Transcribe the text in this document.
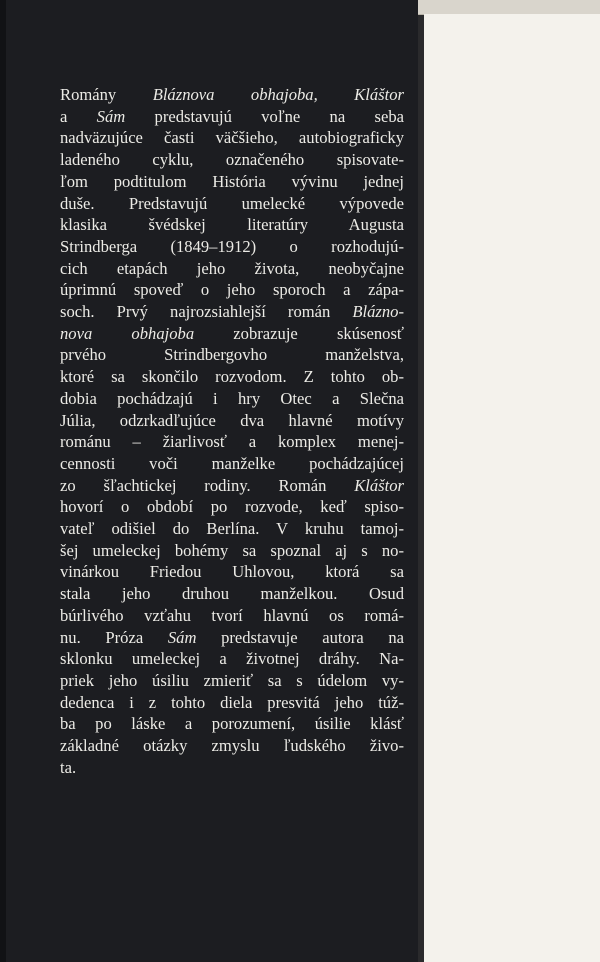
Romány Bláznova obhajoba, Kláštor
a Sám predstavujú voľne na seba
nadväzujúce časti väčšieho, autobiograficky
ladeného cyklu, označeného spisovate-
ľom podtitulom História vývinu jednej
duše. Predstavujú umelecké výpovede
klasika švédskej literatúry Augusta
Strindberga (1849–1912) o rozhodujú-
cich etapách jeho života, neobyčajne
úprimnú spoveď o jeho sporoch a zápa-
soch. Prvý najrozsiahlejší román Blázno-
nova obhajoba zobrazuje skúsenosť
prvého Strindbergovho manželstva,
ktoré sa skončilo rozvodom. Z tohto ob-
dobia pochádzajú i hry Otec a Slečna
Júlia, odzrkadľujúce dva hlavné motívy
románu – žiarlivosť a komplex menej-
cennosti voči manželke pochádzajúcej
zo šľachtickej rodiny. Román Kláštor
hovorí o období po rozvode, keď spiso-
vateľ odišiel do Berlína. V kruhu tamoj-
šej umeleckej bohémy sa spoznal aj s no-
vinárkou Friedou Uhlovou, ktorá sa
stala jeho druhou manželkou. Osud
búrlivého vzťahu tvorí hlavnú os romá-
nu. Próza Sám predstavuje autora na
sklonku umeleckej a životnej dráhy. Na-
priek jeho úsiliu zmieriť sa s údelom vy-
dedenca i z tohto diela presvitá jeho túž-
ba po láske a porozumení, úsilie klásť
základné otázky zmyslu ľudského živo-
ta.
